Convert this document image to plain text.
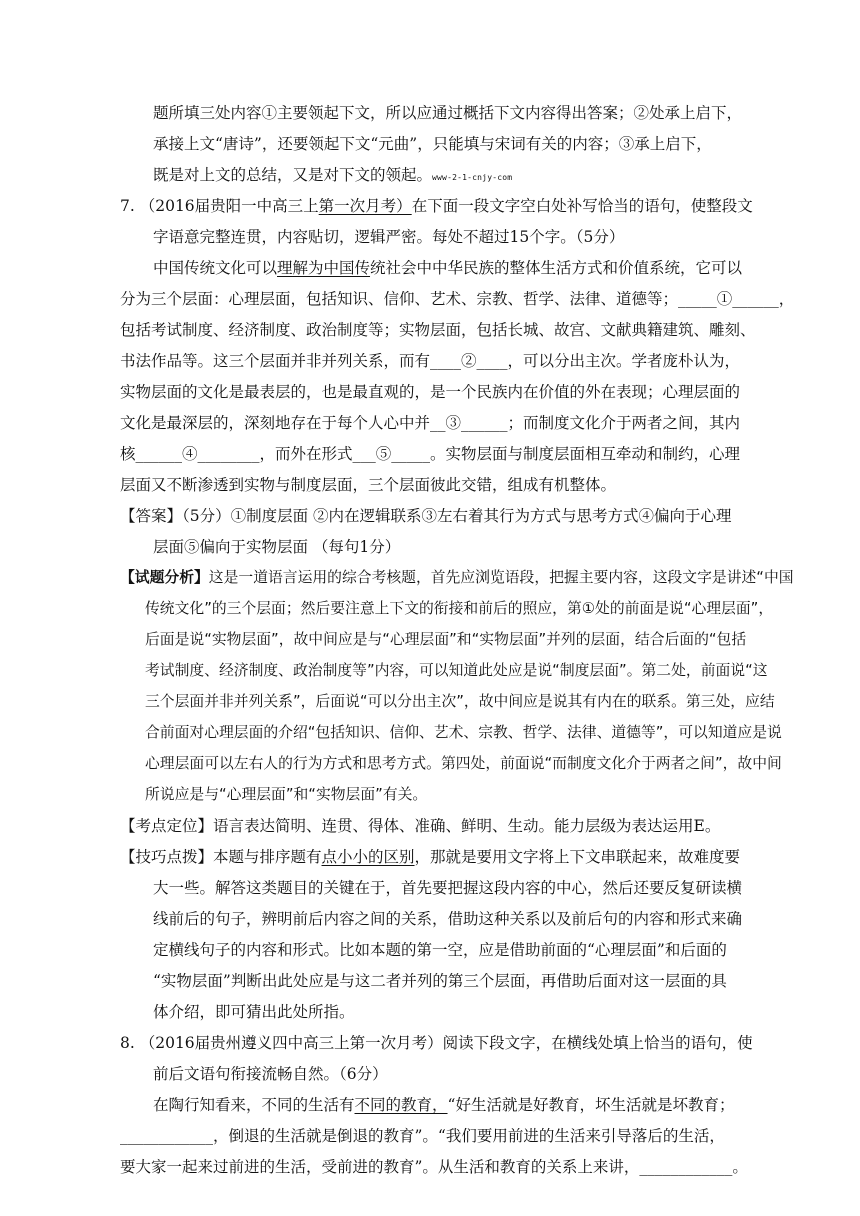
题所填三处内容①主要领起下文，所以应通过概括下文内容得出答案；②处承上启下，
承接上文“唐诗”，还要领起下文“元曲”，只能填与宋词有关的内容；③承上启下，
既是对上文的总结，又是对下文的领起。www-2-1-cnjy-com
7. （2016届贵阳一中高三上第一次月考）在下面一段文字空白处补写恰当的语句，使整段文
字语意完整连贯，内容贴切，逻辑严密。每处不超过15个字。（5分）
中国传统文化可以理解为中国传统社会中中华民族的整体生活方式和价值系统，它可以
分为三个层面：心理层面，包括知识、信仰、艺术、宗教、哲学、法律、道德等；_____①______，
包括考试制度、经济制度、政治制度等；实物层面，包括长城、故宫、文献典籍建筑、雕刻、
书法作品等。这三个层面并非并列关系，而有____②____，可以分出主次。学者庞朴认为，
实物层面的文化是最表层的，也是最直观的，是一个民族内在价值的外在表现；心理层面的
文化是最深层的，深刻地存在于每个人心中并__③______；而制度文化介于两者之间，其内
核______④________，而外在形式___⑤_____。实物层面与制度层面相互牵动和制约，心理
层面又不断渗透到实物与制度层面，三个层面彼此交错，组成有机整体。
【答案】（5分）①制度层面 ②内在逻辑联系③左右着其行为方式与思考方式④偏向于心理
层面⑤偏向于实物层面 （每句1分）
【试题分析】这是一道语言运用的综合考核题，首先应浏览语段，把握主要内容，这段文字是讲述“中国
传统文化”的三个层面；然后要注意上下文的衔接和前后的照应，第①处的前面是说“心理层面”，
后面是说“实物层面”，故中间应是与“心理层面”和“实物层面”并列的层面，结合后面的“包括
考试制度、经济制度、政治制度等”内容，可以知道此处应是说“制度层面”。第二处，前面说“这
三个层面并非并列关系”，后面说“可以分出主次”，故中间应是说其有内在的联系。第三处，应结
合前面对心理层面的介绍“包括知识、信仰、艺术、宗教、哲学、法律、道德等”，可以知道应是说
心理层面可以左右人的行为方式和思考方式。第四处，前面说“而制度文化介于两者之间”，故中间
所说应是与“心理层面”和“实物层面”有关。
【考点定位】语言表达简明、连贯、得体、准确、鲜明、生动。能力层级为表达运用E。
【技巧点拨】本题与排序题有点小小的区别，那就是要用文字将上下文串联起来，故难度要
大一些。解答这类题目的关键在于，首先要把握这段内容的中心，然后还要反复研读横
线前后的句子，辨明前后内容之间的关系，借助这种关系以及前后句的内容和形式来确
定横线句子的内容和形式。比如本题的第一空，应是借助前面的“心理层面”和后面的
“实物层面”判断出此处应是与这二者并列的第三个层面，再借助后面对这一层面的具
体介绍，即可猜出此处所指。
8. （2016届贵州遵义四中高三上第一次月考）阅读下段文字，在横线处填上恰当的语句，使
前后文语句衔接流畅自然。（6分）
在陶行知看来，不同的生活有不同的教育，“好生活就是好教育，坏生活就是坏教育；
____________，倒退的生活就是倒退的教育”。“我们要用前进的生活来引导落后的生活，
要大家一起来过前进的生活，受前进的教育”。从生活和教育的关系上来讲，____________。
